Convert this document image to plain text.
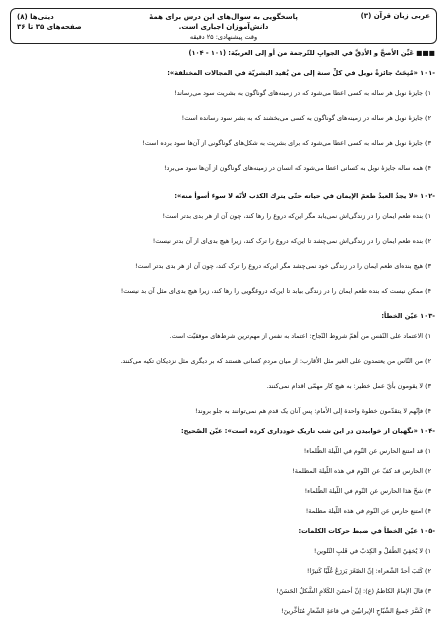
عربی زبان قرآن (۳)
پاسخگویی به سوال‌های این درس برای همهٔ دانش‌آموزان اجباری است.
وقت پیشنهادی: ۲۵ دقیقه
دینی‌ها (۸)
صفحه‌های ۳۵ تا ۳۶
■■■ عَيِّن الأصحَّ و الأدقَّ في الجوابِ للتّرجمة من أو إلى العربيّة: (۱۰۱ - ۱۰۴)
-۱۰۱ «مُنِحَتْ جائزةُ نوبل في كلِّ سنة إلى من يُفيد البشريّة في المجالات المختلفة»:
۱) جایزهٔ نوبل هر ساله به کسی اعطا می‌شود که در زمینه‌های گوناگون به بشریت سود می‌رساند!
۲) جایزهٔ نوبل هر ساله در زمینه‌های گوناگون به کسی می‌بخشند که به بشر سود رسانده است!
۳) جایزهٔ نوبل هر ساله به کسی اعطا می‌شود که برای بشریت به شکل‌های گوناگونی از آن‌ها سود برده است!
۴) همه ساله جایزهٔ نوبل به کسانی اعطا می‌شود که انسان در زمینه‌های گوناگون از آن‌ها سود می‌برد!
-۱۰۲ «لا يجدُ العبدُ طعمَ الإيمان في حياته حتّى يترك الكذب لأنّه لا سوءَ أسوأُ منه»:
۱) بنده طعم ایمان را در زندگی‌اش نمی‌یابد مگر این‌که دروغ را رها کند، چون آن از هر بدی بدتر است!
۲) بنده طعم ایمان را در زندگی‌اش نمی‌چشد تا این‌که دروغ را ترک کند، زیرا هیچ بدی‌ای از آن بدتر نیست!
۳) هیچ بنده‌ای طعم ایمان را در زندگی خود نمی‌چشد مگر این‌که دروغ را ترک کند، چون آن از هر بدی بدتر است!
۴) ممکن نیست که بنده طعم ایمان را در زندگی بیابد تا این‌که دروغگویی را رها کند، زیرا هیچ بدی‌ای مثل آن بد نیست!
-۱۰۳ عيّن الخطأ:
۱) الاعتماد على النّفس من أهمّ شروط النّجاح: اعتماد به نفس از مهم‌ترین شرط‌های موفقیّت است.
۲) من النّاس من يعتمدون على الغير مثل الأقارب: از میان مردم کسانی هستند که بر دیگری مثل نزدیکان تکیه می‌کنند.
۳) لا يقومون بأيّ عمل خطير: به هیچ کار مهمّی اقدام نمی‌کنند.
۴) فإنّهم لا يتقدّمون خطوة واحدة إلى الأمام: پس آنان یک قدم هم نمی‌توانند به جلو بروند!
-۱۰۴ «نگهبان از خوابیدن در این شب تاریک خودداری کرده است»: عيّن الصّحيح:
۱) قد امتنع الحارس عن النّوم في اللّيلة الظّلماء!
۲) الحارس قد كفّ عن النّوم في هذه اللّيلة المظلمة!
۳) شحّ هذا الحارس عن النّوم في اللّيلة الظّلماء!
۴) امتنع حارس عن النّوم في هذه اللّيلة مظلمة!
-۱۰۵ عيّن الخطأ في ضبط حركات الكلمات:
۱) لا يُخفِيُ الطِّفلُ و الكِذبُ في قَلبِ التّلوين!
۲) كَتَبَ أحدُ الشّعراء: إنّ الصّغَرَ يَزرَعُ غُلّيّا كَثيرًا!
۳) قالَ الإمامُ الكاظمُ (ع): إنّ أحسَنَ الكَلامِ الشَّكلُ الحَسَنُ!
۴) كَسَّرَ جَميعُ الشّبّاحِ الإيرانيّينَ في قاعةِ الشّعارِ مُتَأخِّرينَ!
